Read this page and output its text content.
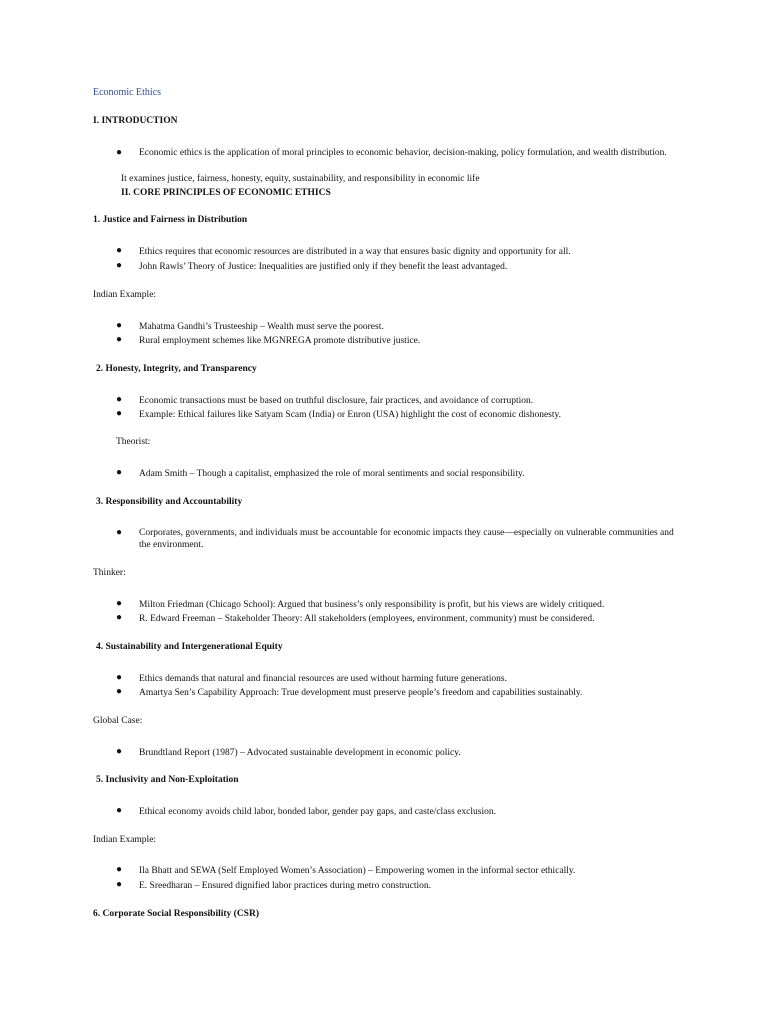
Economic Ethics
I. INTRODUCTION
● Economic ethics is the application of moral principles to economic behavior, decision-making, policy formulation, and wealth distribution.
It examines justice, fairness, honesty, equity, sustainability, and responsibility in economic life
II. CORE PRINCIPLES OF ECONOMIC ETHICS
1. Justice and Fairness in Distribution
● Ethics requires that economic resources are distributed in a way that ensures basic dignity and opportunity for all.
● John Rawls’ Theory of Justice: Inequalities are justified only if they benefit the least advantaged.
Indian Example:
● Mahatma Gandhi’s Trusteeship – Wealth must serve the poorest.
● Rural employment schemes like MGNREGA promote distributive justice.
2. Honesty, Integrity, and Transparency
● Economic transactions must be based on truthful disclosure, fair practices, and avoidance of corruption.
● Example: Ethical failures like Satyam Scam (India) or Enron (USA) highlight the cost of economic dishonesty.
Theorist:
● Adam Smith – Though a capitalist, emphasized the role of moral sentiments and social responsibility.
3. Responsibility and Accountability
● Corporates, governments, and individuals must be accountable for economic impacts they cause—especially on vulnerable communities and the environment.
Thinker:
● Milton Friedman (Chicago School): Argued that business’s only responsibility is profit, but his views are widely critiqued.
● R. Edward Freeman – Stakeholder Theory: All stakeholders (employees, environment, community) must be considered.
4. Sustainability and Intergenerational Equity
● Ethics demands that natural and financial resources are used without harming future generations.
● Amartya Sen’s Capability Approach: True development must preserve people’s freedom and capabilities sustainably.
Global Case:
● Brundtland Report (1987) – Advocated sustainable development in economic policy.
5. Inclusivity and Non-Exploitation
● Ethical economy avoids child labor, bonded labor, gender pay gaps, and caste/class exclusion.
Indian Example:
● Ila Bhatt and SEWA (Self Employed Women’s Association) – Empowering women in the informal sector ethically.
● E. Sreedharan – Ensured dignified labor practices during metro construction.
6. Corporate Social Responsibility (CSR)
